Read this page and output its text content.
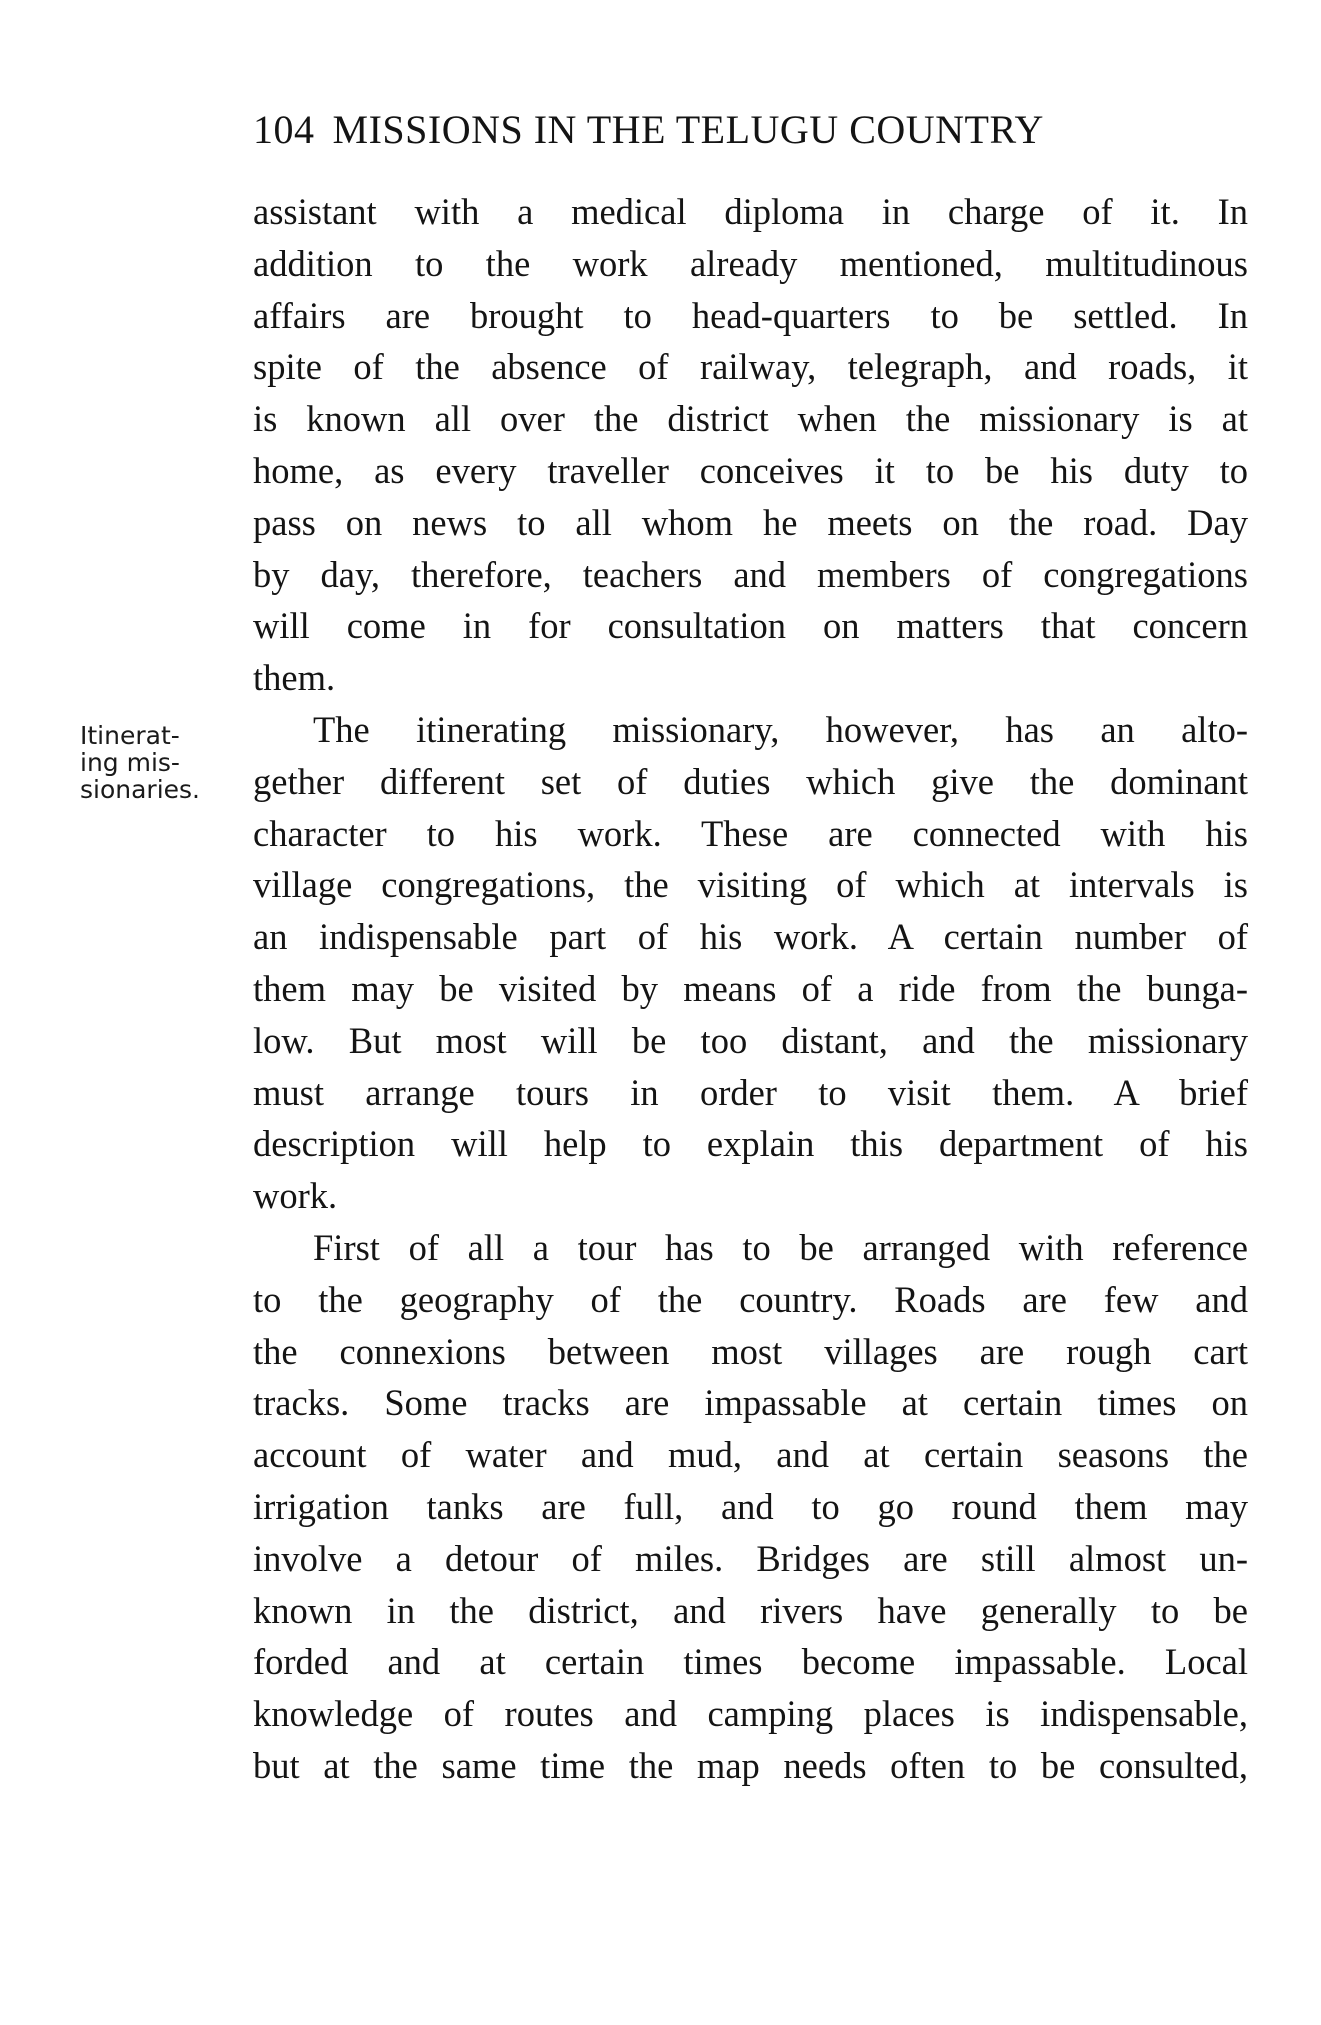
104 MISSIONS IN THE TELUGU COUNTRY
Itinerat-
ing mis-
sionaries.
assistant with a medical diploma in charge of it. In
addition to the work already mentioned, multitudinous
affairs are brought to head-quarters to be settled. In
spite of the absence of railway, telegraph, and roads, it
is known all over the district when the missionary is at
home, as every traveller conceives it to be his duty to
pass on news to all whom he meets on the road. Day
by day, therefore, teachers and members of congregations
will come in for consultation on matters that concern
them.
The itinerating missionary, however, has an alto-
gether different set of duties which give the dominant
character to his work. These are connected with his
village congregations, the visiting of which at intervals is
an indispensable part of his work. A certain number of
them may be visited by means of a ride from the bunga-
low. But most will be too distant, and the missionary
must arrange tours in order to visit them. A brief
description will help to explain this department of his
work.
First of all a tour has to be arranged with reference
to the geography of the country. Roads are few and
the connexions between most villages are rough cart
tracks. Some tracks are impassable at certain times on
account of water and mud, and at certain seasons the
irrigation tanks are full, and to go round them may
involve a detour of miles. Bridges are still almost un-
known in the district, and rivers have generally to be
forded and at certain times become impassable. Local
knowledge of routes and camping places is indispensable,
but at the same time the map needs often to be consulted,
